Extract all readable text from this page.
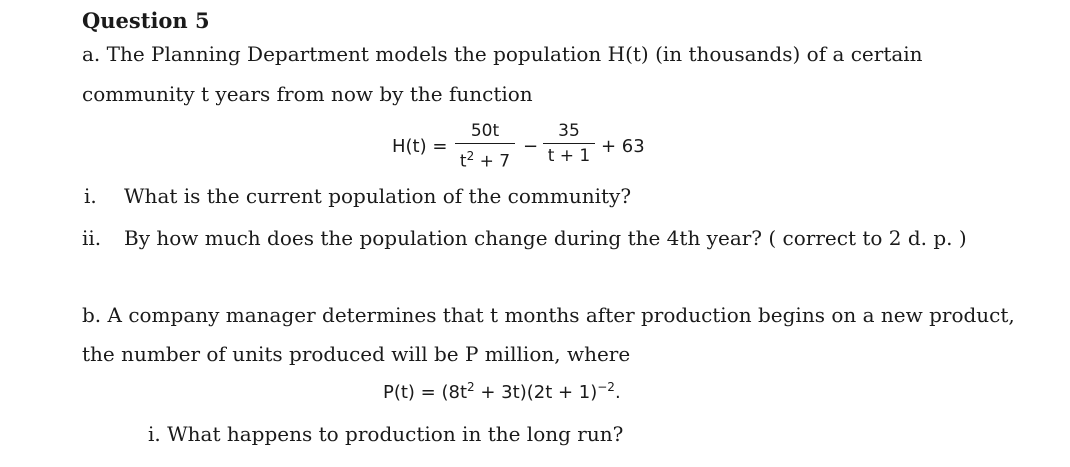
Question 5
a. The Planning Department models the population H(t) (in thousands) of a certain
community t years from now by the function
H(t) =
50t
$t^2 + 7$
−
35
t + 1 + 63
i. What is the current population of the community?
ii. By how much does the population change during the 4th year? ( correct to 2 d. p. )
b. A company manager determines that t months after production begins on a new product,
the number of units produced will be P million, where
$P(t) = (8t^2 + 3t)(2t + 1)^{-2}$.
i. What happens to production in the long run?
